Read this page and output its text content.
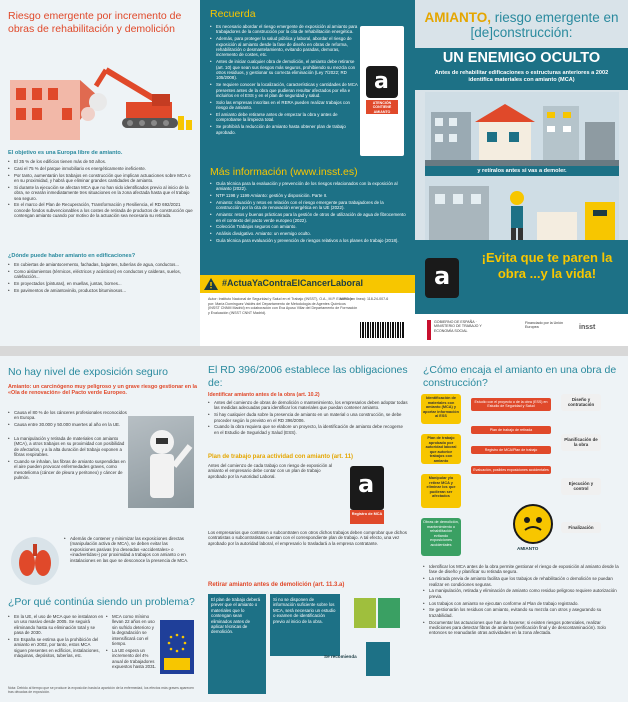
Riesgo emergente por incremento de obras de rehabilitación y demolición
El objetivo es una Europa libre de amianto.
• El 35 % de los edificios tienen más de 50 años.
• Casi el 75 % del parque inmobiliario es energéticamente ineficiente.
• Por tanto, aumentarán los trabajos en construcción que implican actuaciones sobre MCA o en su proximidad, y habrá que eliminar grandes cantidades de amianto.
• Si durante la ejecución se afectan MCA que no han sido identificados previo al inicio de la obra, se crearán inmediatamente tres situaciones en la zona afectada hasta que el trabajo sea seguro.
• En el marco del Plan de Recuperación, Transformación y Resiliencia, el RD 692/2021 concede fondos subvencionables a los costes de retirada de productos de construcción que contengan amianto cuando por motivo de la actuación sea necesaria su retirada.
¿Dónde puede haber amianto en edificaciones?
• En cubiertas de amiantocemento, fachadas, bajantes, tuberías de agua, conductos...
• Como aislamientos (térmicos, eléctricos y acústicos) en conductos y calderas, suelos, calefacción...
• En proyectados (pinturas), en muellas, juntas, bornes...
• En pavimentos de amiantovinilo, productos bituminosos...
Recuerda
• Es necesario abordar el riesgo emergente de exposición al amianto para trabajadores de la construcción por la cita de rehabilitación energética.
• Además, para proteger la salud pública y laboral, abordar el riesgo de exposición al amianto desde la fase de diseño en obras de reforma, rehabilitación o desmantelamiento, evitando paradas, demoras, incremento de costes, etc.
• Antes de iniciar cualquier obra de demolición, el amianto debe retirarse (art. 10) que sean sus riesgos más seguros, prohibiendo su mezcla con otros residuos, y gestionar su correcta eliminación (Ley 7/2022; RD 105/2008).
• Se requiere conocer la localización, características y cantidades de MCA presentes antes de la obra que pudieran resultar afectados por ella e incluirlos en el ESS y en el plan de seguridad y salud.
• Solo las empresas inscritas en el RERA pueden realizar trabajos con riesgo de amianto.
• El amianto debe retirarse antes de empezar la obra y antes de comprobarse la limpieza total.
• Se prohibirá la reducción de amianto hasta obtener plan de trabajo aprobado.
a
ATENCIÓN CONTIENE AMIANTO
Más información (www.insst.es)
• Guía técnica para la evaluación y prevención de los riesgos relacionados con la exposición al amianto (2022).
• NTP 1198 y 1199 Amianto: gestión y disposición. Parte II.
• Amianto: situación y retos en relación con el riesgo emergente para trabajadores de la construcción por la cita de renovación energética en la UE (2022).
• Amianto: retos y buenas prácticas para la gestión de otros de utilización de agua de fibrocemento en el contexto del pacto verde europeo (2022).
• Colección Trabajos seguros con amianto.
• Análisis divulgativo. Amianto: un enemigo oculto.
• Guía técnica para evaluación y prevención de riesgos relativos a los planes de trabajo (2018).
#ActuaYaContraElCancerLaboral
Autor: Instituto Nacional de Seguridad y Salud en el Trabajo (INSST), O.A., M.P. Elaborado por: María Dominguez Valdés del Departamento de Metodología de Agentes Químicos (INSST CNNM Madrid) en colaboración con Eva Ayuso Villar del Departamento de Formación y Evaluación (INSST CNNT Madrid).
NIPO (en línea): 118-24-007-6
AMIANTO, riesgo emergente en [de]construcción:
UN ENEMIGO OCULTO
Antes de rehabilitar edificaciones o estructuras anteriores a 2002 identifica materiales con amianto (MCA)
y retíralos antes si vas a demoler.
a
¡Evita que te paren la obra ...y la vida!
GOBIERNO DE ESPAÑA · MINISTERIO DE TRABAJO Y ECONOMÍA SOCIAL
Financiado por la Unión Europea	insst
No hay nivel de exposición seguro
Amianto: un carcinógeno muy peligroso y un grave riesgo gestionar en la «Ola de renovación» del Pacto verde Europeo.
• Causa el 80 % de los cánceres profesionales reconocidos en Europa.
• Causa entre 30.000 y 50.000 muertes al año en la UE.
• La manipulación y retirada de materiales con amianto (MCA), a otros trabajos en su proximidad con posibilidad de afectarlos, y a la alta duración del trabajo exponen a fibras respirables.
• Cuando se inhalan, las fibras de amianto suspendidas en el aire pueden provocar enfermedades graves, como mesotelioma (cáncer de pleura y peritoneo) y cáncer de pulmón.
• Además de contener y minimizar las exposiciones directas (manipulación activa de MCA), se deben evitar las exposiciones pasivas (no deseadas «accidentales» o «inadvertidas») por proximidad a trabajos con amianto o en instalaciones en las que se desconoce la presencia de MCA.
¿Por qué continúa siendo un problema?
• En la UE, el uso de MCA que se instalaron en un uso masivo desde 2005. Se seguirá eliminando hasta su eliminación total y se pasa de 2030.
• En España se estima que la prohibición del amianto en 2002, por tanto, estos MCA siguen presentes en edificios, instalaciones, máquinas, depósitos, tuberías, etc.
• MCA como mínimo llevan 22 años en uso sin sufrido deterioro y la degradación se intensificará con el tiempo.
• La UE espera un incremento del 4% anual de trabajadores expuestos hasta 2031.
Nota: Debido al tiempo que se produce la exposición hasta la aparición de la enfermedad, los efectos más graves aparecen tras décadas de exposición.
El RD 396/2006 establece las obligaciones de:
Identificar amianto antes de la obra (art. 10.2)
• Antes del comienzo de obras de demolición o mantenimiento, los empresarios deben adoptar todas las medidas adecuadas para identificar los materiales que puedan contener amianto.
• Si hay cualquier duda sobre la presencia de amianto en un material o una construcción, se debe proceder según lo previsto en el RD 396/2006.
• Cuando la obra requiera que se elabore un proyecto, la identificación de amianto debe recogerse en el Estudio de Seguridad y Salud (ESS).
Plan de trabajo para actividad con amianto (art. 11)
Antes del comienzo de cada trabajo con riesgo de exposición al amianto el empresario debe contar con un plan de trabajo aprobado por la Autoridad Laboral.	a
Registro de MCA
Los empresarios que contraten o subcontraten con otros dichos trabajos deben comprobar que dichos contratistas o subcontratistas cuentan con el correspondiente plan de trabajo. A tal efecto, una vez aprobado por la autoridad laboral, el empresario lo trasladará a la empresa contratante.
Retirar amianto antes de demolición (art. 11.3.a)
El plan de trabajo deberá prever que el amianto o materiales que lo contengan sean eliminados antes de aplicar técnicas de demolición.
Si no se disponen de información suficiente sobre los MCA, será necesario un estudio o examen de identificación previo al inicio de la obra.
Se recomienda
¿Cómo encaja el amianto en una obra de construcción?
Identificación de materiales con amianto (MCA) y aportar información al ESS
Plan de trabajo aprobado por autoridad laboral que autorice trabajos con amianto
Manipular y/o retirar MCA y eliminar los que pudieran ser afectados
Obras de demolición, mantenimiento o rehabilitación evitando exposiciones accidentales
Estudio con el proyecto o de la obra (ESS) en Estudio de Seguridad y Salud
Plan de trabajo de retirada
Registro de MCA/Plan de trabajo
Evaluación, posibles exposiciones accidentales
Diseño y contratación
Planificación de la obra
Ejecución y control
Finalización
AMIANTO
• Identificar los MCA antes de la obra permite gestionar el riesgo de exposición al amianto desde la fase de diseño y planificar su retirada segura.
• La retirada previa de amianto facilita que los trabajos de rehabilitación o demolición se puedan realizar en condiciones seguras.
• La manipulación, retirada y eliminación de amianto como residuo peligroso requiere autorización previa.
• Los trabajos con amianto se ejecutan conforme al Plan de trabajo registrado.
• Se gestionarán los residuos con amianto, evitando su mezcla con otros y asegurando su trazabilidad.
• Documentar las actuaciones que han de hacerse; si existen riesgos potenciales, realizar mediciones para detectar fibras de amianto (verificación final y de descontaminación). Solo entonces se reanudarán otras actividades en la zona afectada.
